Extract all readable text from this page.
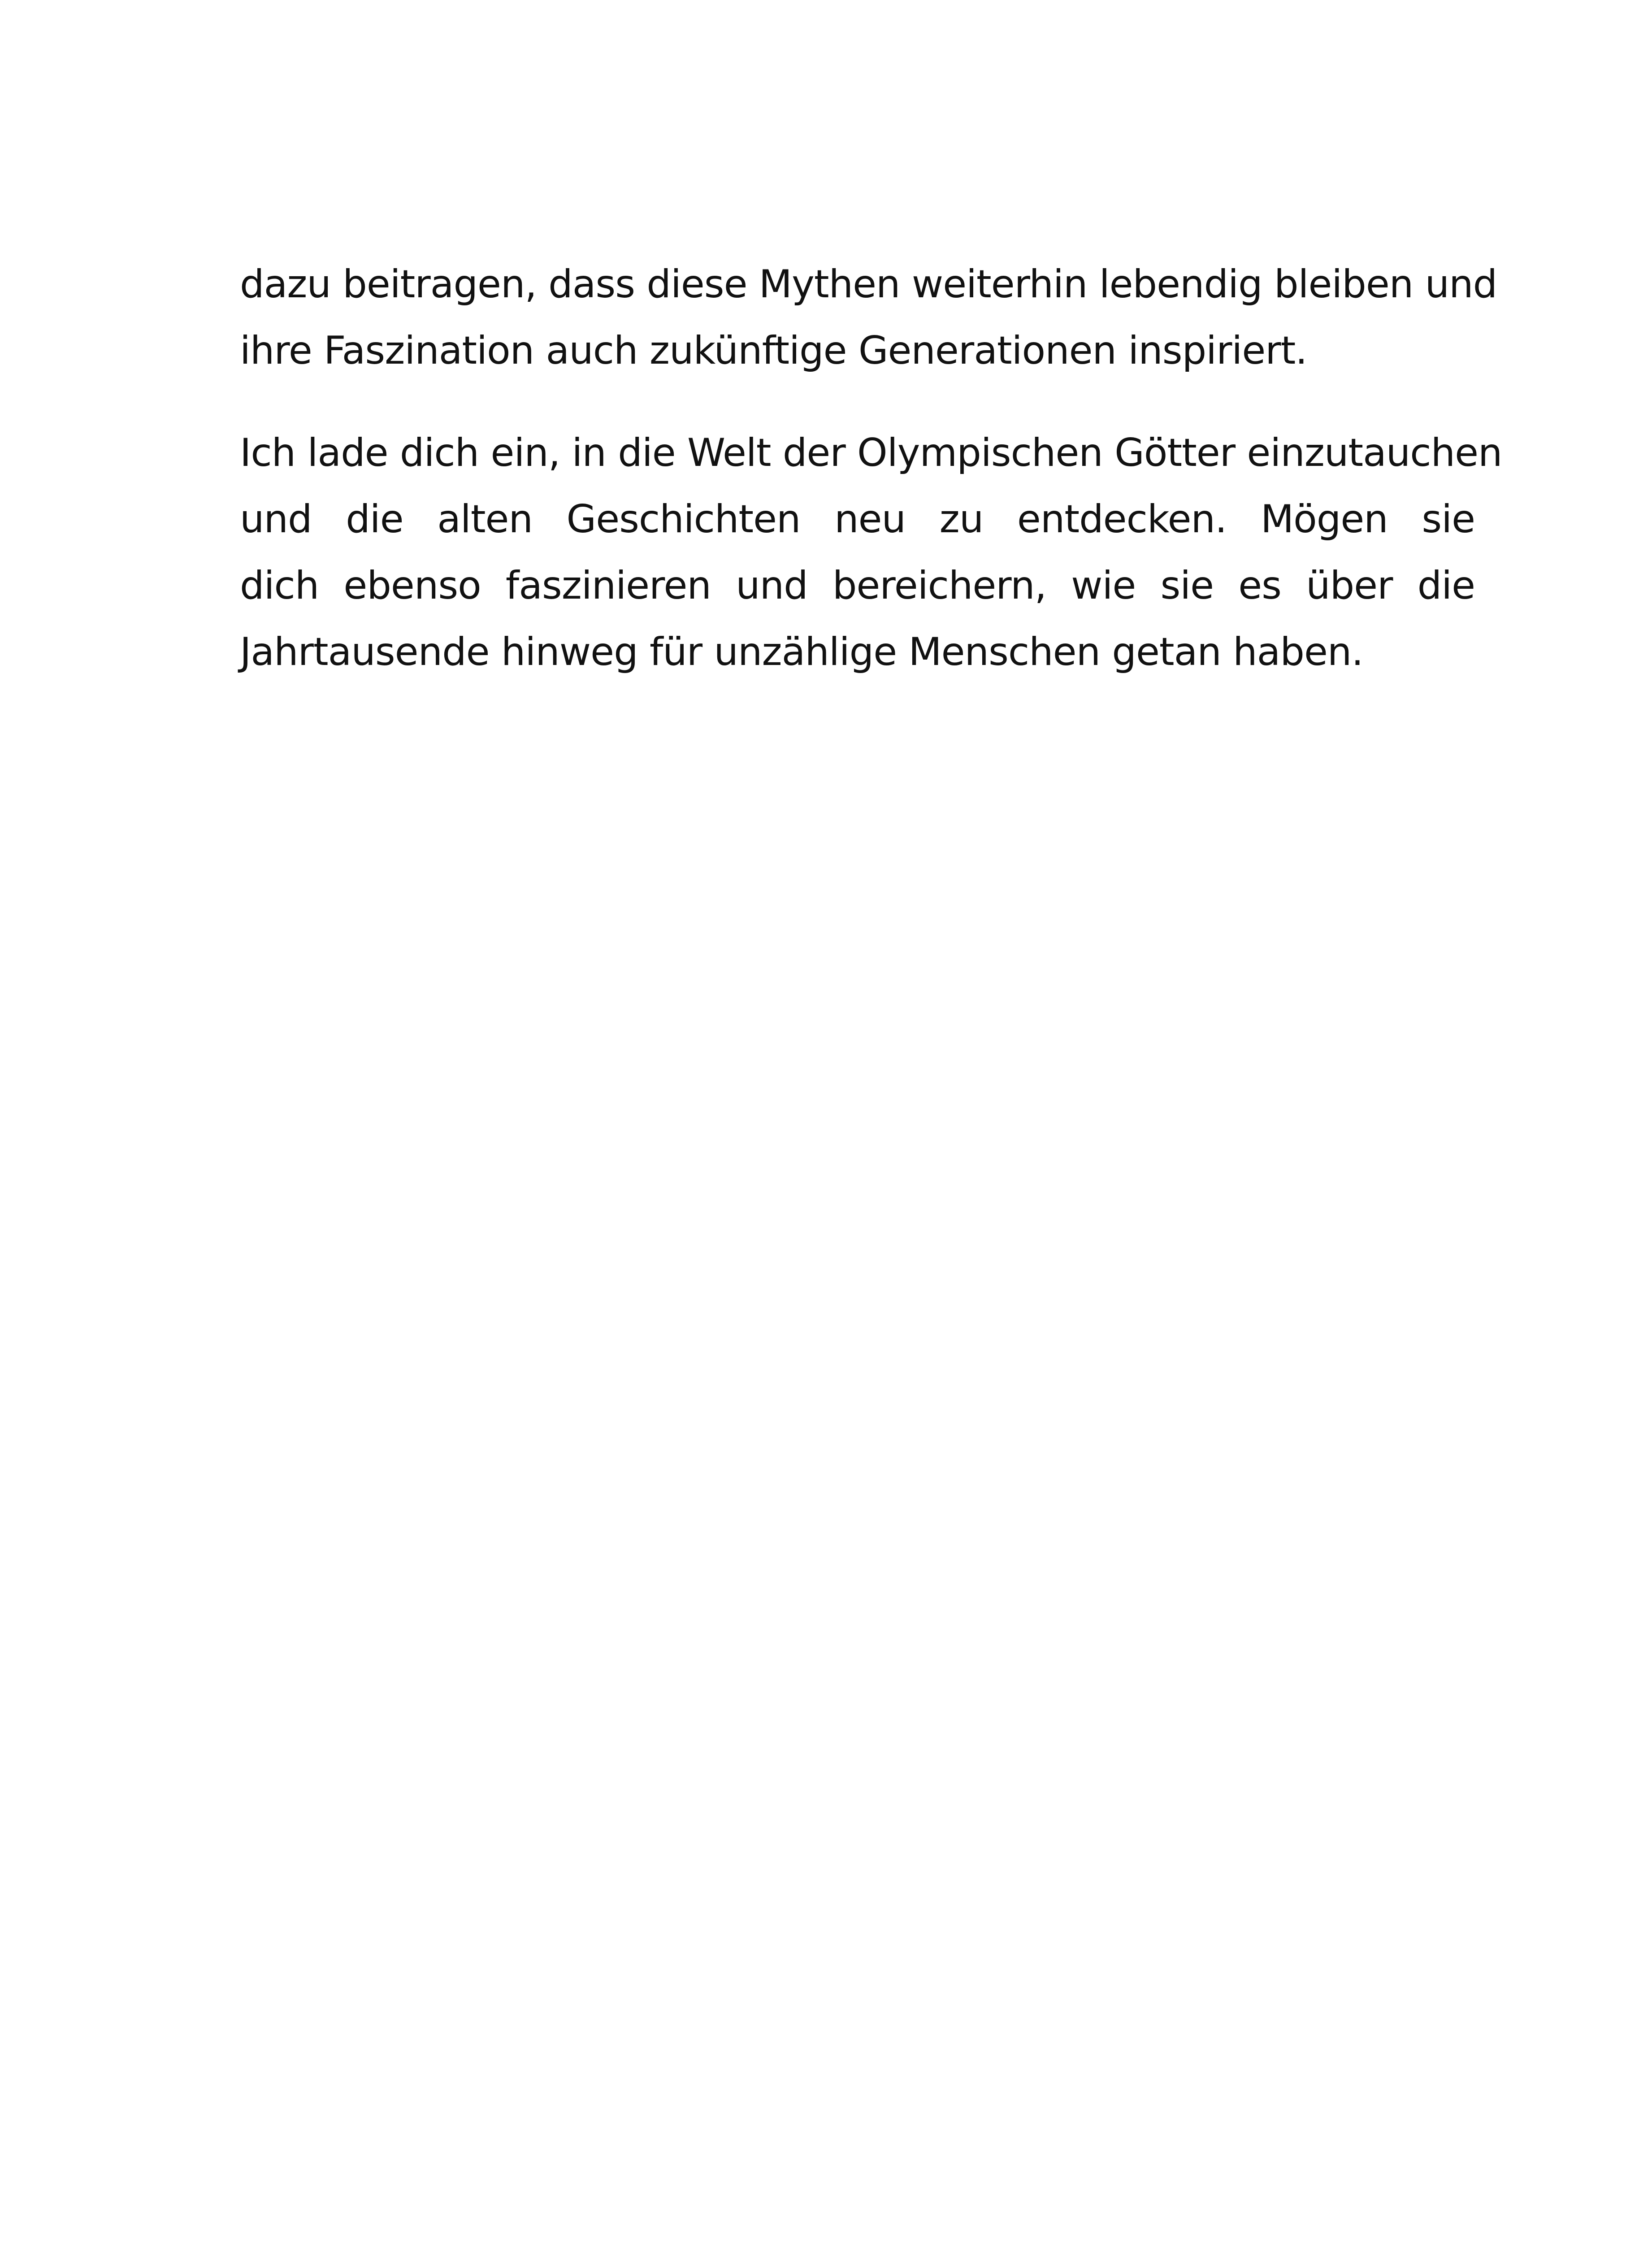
dazu beitragen, dass diese Mythen weiterhin lebendig bleiben und
ihre Faszination auch zukünftige Generationen inspiriert.

Ich lade dich ein, in die Welt der Olympischen Götter einzutauchen
und die alten Geschichten neu zu entdecken. Mögen sie
dich ebenso faszinieren und bereichern, wie sie es über die
Jahrtausende hinweg für unzählige Menschen getan haben.
